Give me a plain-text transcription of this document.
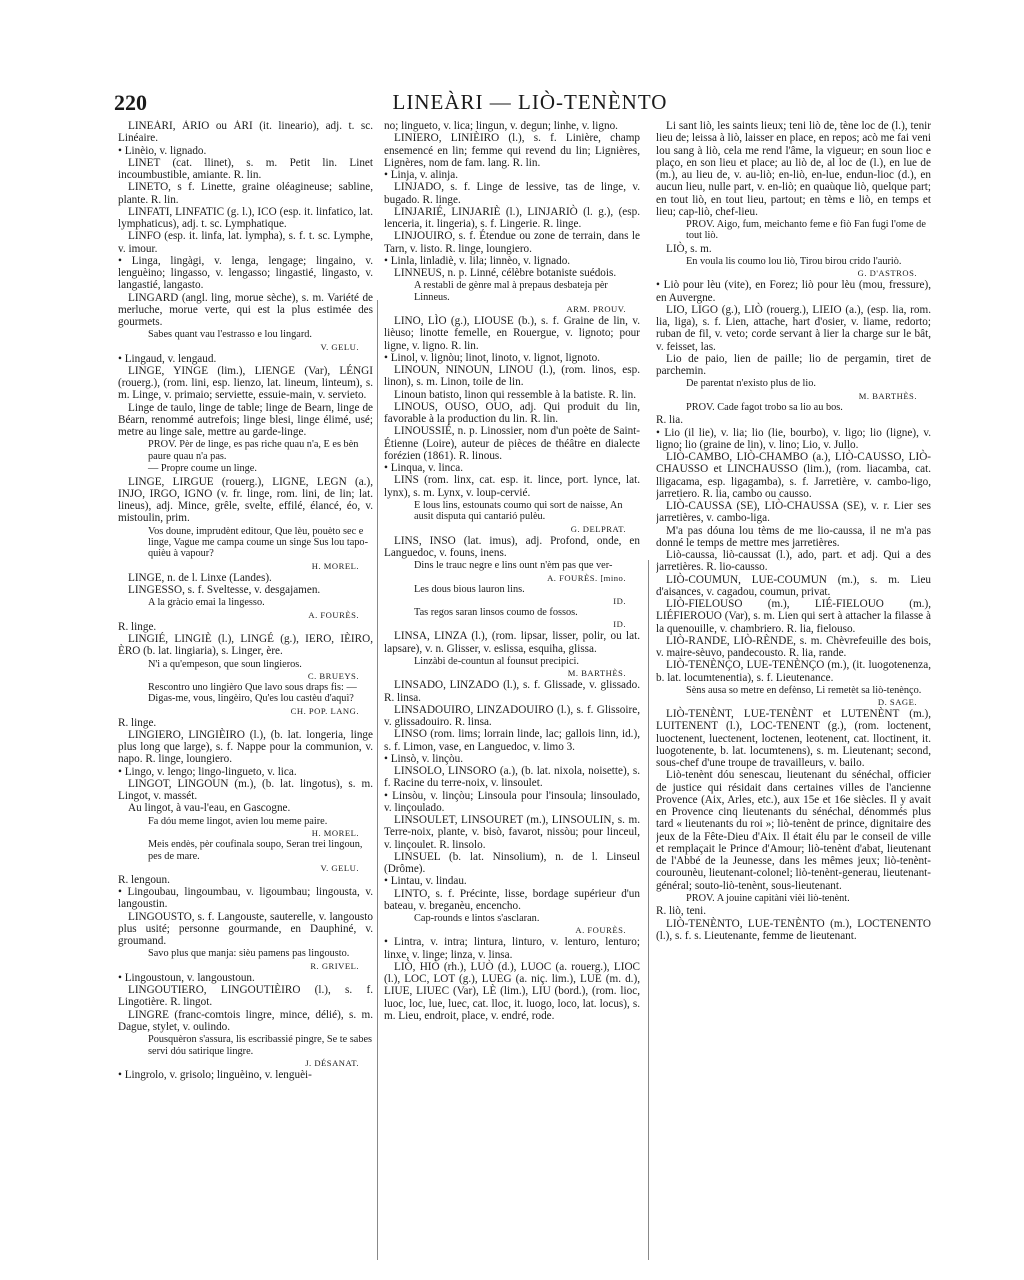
220	LINEÀRI — LIÒ-TENÈNTO

LINEÀRI, ÀRIO ou ÀRI (it. lineario), adj. t. sc. Linéaire.

• Linèio, v. lignado.

LINET (cat. llinet), s. m. Petit lin. Linet incoumbustible, amiante. R. lin.

LINETO, s f. Linette, graine oléagineuse; sabline, plante. R. lin.

LINFATI, LINFATIC (g. l.), ICO (esp. it. linfatico, lat. lymphaticus), adj. t. sc. Lymphatique.

LINFO (esp. it. linfa, lat. lympha), s. f. t. sc. Lymphe, v. imour.

• Linga, lingàgi, v. lenga, lengage; lingaino, v. lenguèino; lingasso, v. lengasso; lingastié, lingasto, v. langastié, langasto.

LINGARD (angl. ling, morue sèche), s. m. Variété de merluche, morue verte, qui est la plus estimée des gourmets.

Sabes quant vau l'estrasso e lou lingard.

V. GELU.

• Lingaud, v. lengaud.

LINGE, YINGE (lim.), LIENGE (Var), LÉNGI (rouerg.), (rom. lini, esp. lienzo, lat. lineum, linteum), s. m. Linge, v. primaio; serviette, essuie-main, v. servieto.

Linge de taulo, linge de table; linge de Bearn, linge de Béarn, renommé autrefois; linge blesi, linge élimé, usé; metre au linge sale, mettre au garde-linge.

PROV. Pèr de linge, es pas riche quau n'a, E es bèn paure quau n'a pas.

— Propre coume un linge.

LINGE, LIRGUE (rouerg.), LIGNE, LEGN (a.), INJO, IRGO, IGNO (v. fr. linge, rom. lini, de lin; lat. lineus), adj. Mince, grêle, svelte, effilé, élancé, éo, v. mistoulin, prim.

Vos doune, imprudènt editour, Que lèu, pouèto sec e linge, Vague me campa coume un singe Sus lou tapo-quièu à vapour?

H. MOREL.

LINGE, n. de l. Linxe (Landes).

LINGESSO, s. f. Sveltesse, v. desgajamen.

A la gràcio emai la lingesso.

A. FOURÈS.

R. linge.

LINGIÉ, LINGIÈ (l.), LINGÉ (g.), IERO, IÈIRO, ÈRO (b. lat. lingiaria), s. Linger, ère.

N'i a qu'empeson, que soun lingieros.

C. BRUEYS.

Rescontro uno lingièro Que lavo sous draps fis: — Digas-me, vous, lingèiro, Qu'es lou castèu d'aquì?

CH. POP. LANG.

R. linge.

LINGIERO, LINGIÈIRO (l.), (b. lat. longeria, linge plus long que large), s. f. Nappe pour la communion, v. napo. R. linge, loungiero.

• Lingo, v. lengo; lingo-lingueto, v. lica.

LINGOT, LINGOUN (m.), (b. lat. lingotus), s. m. Lingot, v. massét.

Au lingot, à vau-l'eau, en Gascogne.

Fa dóu meme lingot, avien lou meme paire.

H. MOREL.

Meis endès, pèr coufinala soupo, Seran trei lingoun, pes de mare.

V. GELU.

R. lengoun.

• Lingoubau, lingoumbau, v. ligoumbau; lingousta, v. langoustin.

LINGOUSTO, s. f. Langouste, sauterelle, v. langousto plus usité; personne gourmande, en Dauphiné, v. groumand.

Savo plus que manja: sièu pamens pas lingousto.

R. GRIVEL.

• Lingoustoun, v. langoustoun.

LINGOUTIERO, LINGOUTIÈIRO (l.), s. f. Lingotière. R. lingot.

LINGRE (franc-comtois lingre, mince, délié), s. m. Dague, stylet, v. oulindo.

Pousquèron s'assura, lis escribassié pingre, Se te sabes servi dóu satirique lingre.

J. DÉSANAT.

• Lingrolo, v. grisolo; linguèino, v. lenguèi-

no; lingueto, v. lica; lingun, v. degun; linhe, v. ligno.

LINIERO, LINIÈIRO (l.), s. f. Linière, champ ensemencé en lin; femme qui revend du lin; Lignières, Lignères, nom de fam. lang. R. lin.

• Linja, v. alinja.

LINJADO, s. f. Linge de lessive, tas de linge, v. bugado. R. linge.

LINJARIÉ, LINJARIÈ (l.), LINJARIÒ (l. g.), (esp. lenceria, it. lingeria), s. f. Lingerie. R. linge.

LINJOUIRO, s. f. Étendue ou zone de terrain, dans le Tarn, v. listo. R. linge, loungiero.

• Linla, linladiè, v. lila; linnèo, v. lignado.

LINNEUS, n. p. Linné, célèbre botaniste suédois.

A restabli de gènre mal à prepaus desbateja pèr Linneus.

ARM. PROUV.

LINO, LÌO (g.), LIOUSE (b.), s. f. Graine de lin, v. lièuso; linotte femelle, en Rouergue, v. lignoto; pour ligne, v. ligno. R. lin.

• Linol, v. lignòu; linot, linoto, v. lignot, lignoto.

LINOUN, NINOUN, LINOU (l.), (rom. linos, esp. linon), s. m. Linon, toile de lin.

Linoun batisto, linon qui ressemble à la batiste. R. lin.

LINOUS, OUSO, OUO, adj. Qui produit du lin, favorable à la production du lin. R. lin.

LINOUSSIÉ, n. p. Linossier, nom d'un poète de Saint-Étienne (Loire), auteur de pièces de théâtre en dialecte forézien (1861). R. linous.

• Linqua, v. linca.

LINS (rom. linx, cat. esp. it. lince, port. lynce, lat. lynx), s. m. Lynx, v. loup-cervié.

E lous lins, estounats coumo qui sort de naisse, An ausit disputa qui cantarió pulèu.

G. DELPRAT.

LINS, INSO (lat. imus), adj. Profond, onde, en Languedoc, v. founs, inens.

Dins le trauc negre e lins ount n'èm pas que ver-

A. FOURÈS. [mino.

Les dous bious lauron lins.

ID.

Tas regos saran linsos coumo de fossos.

ID.

LINSA, LINZA (l.), (rom. lipsar, lisser, polir, ou lat. lapsare), v. n. Glisser, v. eslissa, esquiha, glissa.

Linzàbi de-countun al founsut precipici.

M. BARTHÈS.

LINSADO, LINZADO (l.), s. f. Glissade, v. glissado. R. linsa.

LINSADOUIRO, LINZADOUIRO (l.), s. f. Glissoire, v. glissadouiro. R. linsa.

LINSO (rom. lims; lorrain linde, lac; gallois linn, id.), s. f. Limon, vase, en Languedoc, v. limo 3.

• Linsò, v. linçòu.

LINSOLO, LINSORO (a.), (b. lat. nixola, noisette), s. f. Racine du terre-noix, v. linsoulet.

• Linsòu, v. linçòu; Linsoula pour l'insoula; linsoulado, v. linçoulado.

LINSOULET, LINSOURET (m.), LINSOULIN, s. m. Terre-noix, plante, v. bisò, favarot, nissòu; pour linceul, v. linçoulet. R. linsolo.

LINSUEL (b. lat. Ninsolium), n. de l. Linseul (Drôme).

• Lintau, v. lindau.

LINTO, s. f. Précinte, lisse, bordage supérieur d'un bateau, v. breganèu, encencho.

Cap-rounds e lintos s'asclaran.

A. FOURÈS.

• Lintra, v. intra; lintura, linturo, v. lenturo, lenturo; linxe, v. linge; linza, v. linsa.

LIÒ, HIÒ (rh.), LUÒ (d.), LUOC (a. rouerg.), LIOC (l.), LOC, LOT (g.), LUEG (a. niç. lim.), LUE (m. d.), LIUE, LIUEC (Var), LÈ (lim.), LIU (bord.), (rom. lioc, luoc, loc, lue, luec, cat. lloc, it. luogo, loco, lat. locus), s. m. Lieu, endroit, place, v. endré, rode.

Li sant liò, les saints lieux; teni liò de, tène loc de (l.), tenir lieu de; leissa à liò, laisser en place, en repos; acò me fai veni lou sang à liò, cela me rend l'âme, la vigueur; en soun lioc e plaço, en son lieu et place; au liò de, al loc de (l.), en lue de (m.), au lieu de, v. au-liò; en-liò, en-lue, endun-lioc (d.), en aucun lieu, nulle part, v. en-liò; en quaùque liò, quelque part; en tout liò, en tout lieu, partout; en tèms e liò, en temps et lieu; cap-liò, chef-lieu.

PROV. Aigo, fum, meichanto feme e fiò Fan fugi l'ome de tout liò.

LIÒ, s. m.

En voula lis coumo lou liò, Tirou birou crido l'auriò.

G. D'ASTROS.

• Liò pour lèu (vite), en Forez; liò pour lèu (mou, fressure), en Auvergne.

LIO, LIGO (g.), LIÒ (rouerg.), LIEIO (a.), (esp. lia, rom. lia, liga), s. f. Lien, attache, hart d'osier, v. liame, redorto; ruban de fil, v. veto; corde servant à lier la charge sur le bât, v. feisset, las.

Lio de paio, lien de paille; lio de pergamin, tiret de parchemin.

De parentat n'existo plus de lio.

M. BARTHÈS.

PROV. Cade fagot trobo sa lio au bos.

R. lia.

• Lio (il lie), v. lia; lio (lie, bourbo), v. ligo; lio (ligne), v. ligno; lio (graine de lin), v. lino; Lio, v. Jullo.

LIÒ-CAMBO, LIÒ-CHAMBO (a.), LIÒ-CAUSSO, LIÒ-CHAUSSO et LINCHAUSSO (lim.), (rom. liacamba, cat. lligacama, esp. ligagamba), s. f. Jarretière, v. cambo-ligo, jarretiero. R. lia, cambo ou causso.

LIÒ-CAUSSA (SE), LIÒ-CHAUSSA (SE), v. r. Lier ses jarretières, v. cambo-liga.

M'a pas dóuna lou tèms de me lio-caussa, il ne m'a pas donné le temps de mettre mes jarretières.

Liò-caussa, liò-caussat (l.), ado, part. et adj. Qui a des jarretières. R. lio-causso.

LIÒ-COUMUN, LUE-COUMUN (m.), s. m. Lieu d'aisances, v. cagadou, coumun, privat.

LIÒ-FIELOUSO (m.), LIÉ-FIELOUO (m.), LIÉFIEROUO (Var), s. m. Lien qui sert à attacher la filasse à la quenouille, v. chambriero. R. lia, fielouso.

LIÒ-RANDE, LIÒ-RÈNDE, s. m. Chèvrefeuille des bois, v. maire-sèuvo, pandecousto. R. lia, rande.

LIÒ-TENÈNÇO, LUE-TENÈNÇO (m.), (it. luogotenenza, b. lat. locumtenentia), s. f. Lieutenance.

Sèns ausa so metre en defènso, Li remetèt sa liò-tenènço.

D. SAGE.

LIÒ-TENÈNT, LUE-TENÈNT et LUTENÈNT (m.), LUITENENT (l.), LOC-TENENT (g.), (rom. loctenent, luoctenent, luectenent, loctenen, leotenent, cat. lloctinent, it. luogotenente, b. lat. locumtenens), s. m. Lieutenant; second, sous-chef d'une troupe de travailleurs, v. bailo.

Liò-tenènt dóu senescau, lieutenant du sénéchal, officier de justice qui résidait dans certaines villes de l'ancienne Provence (Aix, Arles, etc.), aux 15e et 16e siècles. Il y avait en Provence cinq lieutenants du sénéchal, dénommés plus tard « lieutenants du roi »; liò-tenènt de prince, dignitaire des jeux de la Fête-Dieu d'Aix. Il était élu par le conseil de ville et remplaçait le Prince d'Amour; liò-tenènt d'abat, lieutenant de l'Abbé de la Jeunesse, dans les mêmes jeux; liò-tenènt-courounèu, lieutenant-colonel; liò-tenènt-generau, lieutenant-général; souto-liò-tenènt, sous-lieutenant.

PROV. A jouine capitàni vièi liò-tenènt.

R. liò, teni.

LIÒ-TENÈNTO, LUE-TENÈNTO (m.), LOCTENENTO (l.), s. f. s. Lieutenante, femme de lieutenant.
